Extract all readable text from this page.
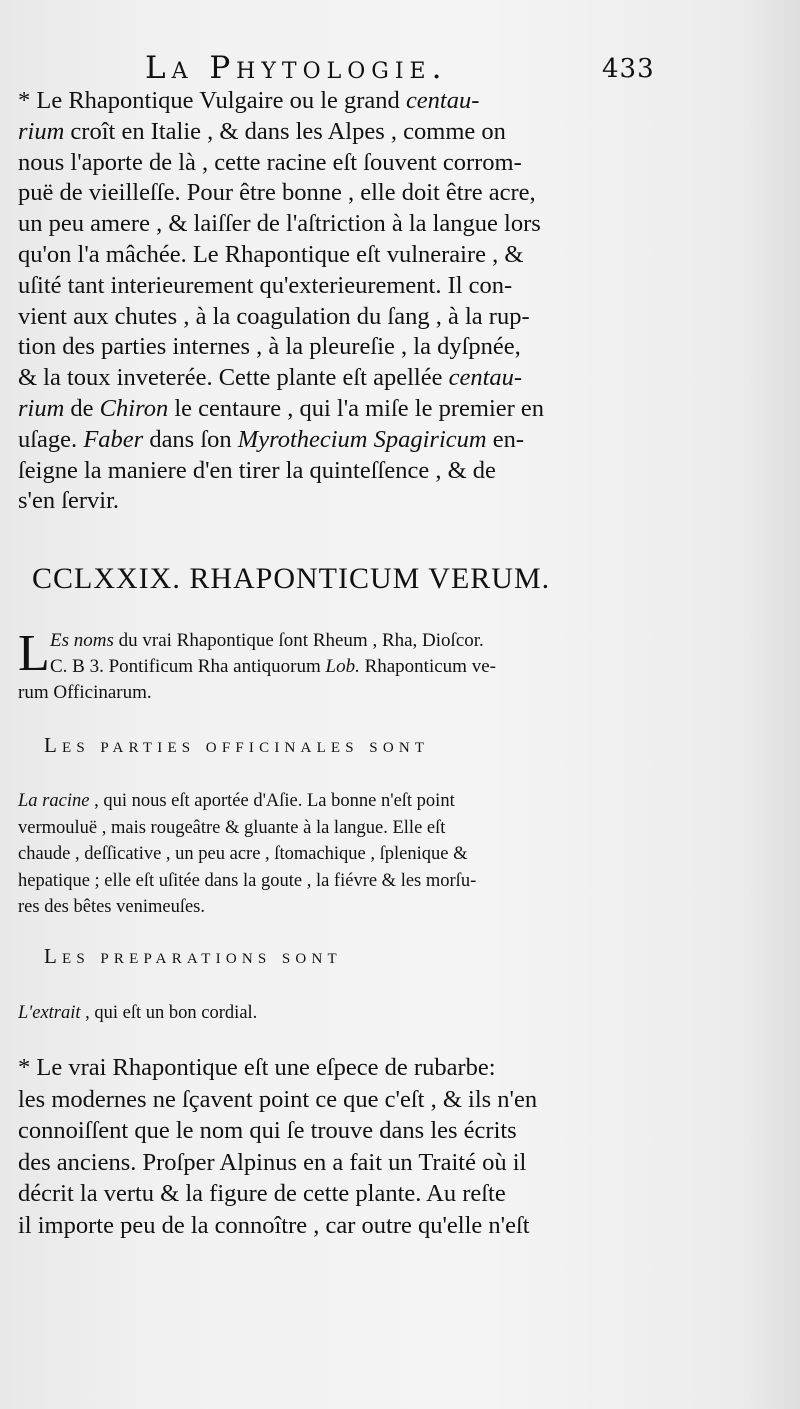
La Phytologie.	433
* Le Rhapontique Vulgaire ou le grand centau-
rium croît en Italie , & dans les Alpes , comme on
nous l'aporte de là , cette racine eſt ſouvent corrom-
puë de vieilleſſe. Pour être bonne , elle doit être acre,
un peu amere , & laiſſer de l'aſtriction à la langue lors
qu'on l'a mâchée. Le Rhapontique eſt vulneraire , &
uſité tant interieurement qu'exterieurement. Il con-
vient aux chutes , à la coagulation du ſang , à la rup-
tion des parties internes , à la pleureſie , la dyſpnée,
& la toux inveterée. Cette plante eſt apellée centau-
rium de Chiron le centaure , qui l'a miſe le premier en
uſage. Faber dans ſon Myrothecium Spagiricum en-
ſeigne la maniere d'en tirer la quinteſſence , & de
s'en ſervir.
CCLXXIX. RHAPONTICUM VERUM.
L Es noms du vrai Rhapontique ſont Rheum , Rha, Dioſcor.
C. B 3. Pontificum Rha antiquorum Lob. Rhaponticum ve-
rum Officinarum.
Les parties officinales sont
La racine , qui nous eſt aportée d'Aſie. La bonne n'eſt point
vermouluë , mais rougeâtre & gluante à la langue. Elle eſt
chaude , deſſicative , un peu acre , ſtomachique , ſplenique &
hepatique ; elle eſt uſitée dans la goute , la fiévre & les morſu-
res des bêtes venimeuſes.
Les preparations sont
L'extrait , qui eſt un bon cordial.
* Le vrai Rhapontique eſt une eſpece de rubarbe:
les modernes ne ſçavent point ce que c'eſt , & ils n'en
connoiſſent que le nom qui ſe trouve dans les écrits
des anciens. Proſper Alpinus en a fait un Traité où il
décrit la vertu & la figure de cette plante. Au reſte
il importe peu de la connoître , car outre qu'elle n'eſt
